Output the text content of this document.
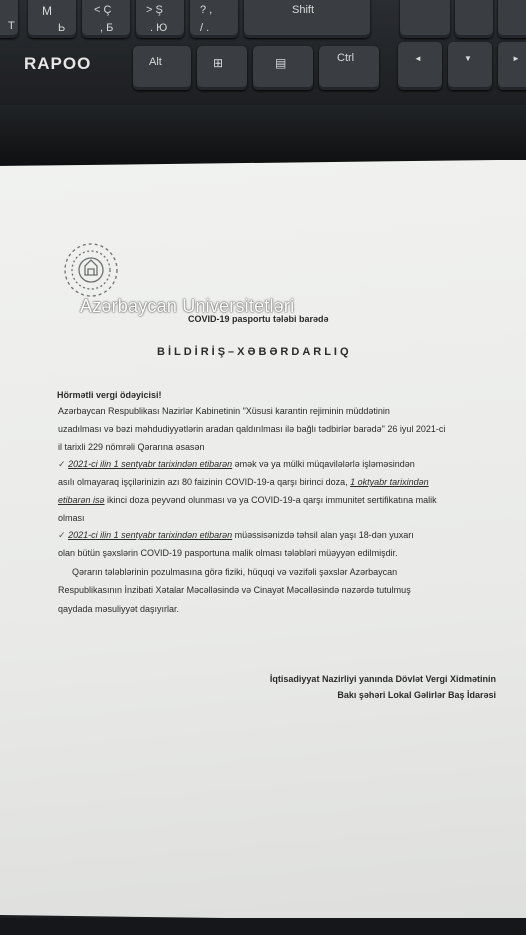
Т
М
Ь
< Ç
, Б
> Ş
. Ю
? ,
/ .
Shift
RAPOO	Alt	⊞	▤	Ctrl	◄	▼	►
Azərbaycan Universitetləri
COVID-19 pasportu tələbi barədə
BİLDİRİŞ–XƏBƏRDARLIQ
Hörmətli vergi ödəyicisi!
Azərbaycan Respublikası Nazirlər Kabinetinin "Xüsusi karantin rejiminin müddətinin
uzadılması və bəzi məhdudiyyətlərin aradan qaldırılması ilə bağlı tədbirlər barədə" 26 iyul 2021-ci
il tarixli 229 nömrəli Qərarına əsasən
✓ 2021-ci ilin 1 sentyabr tarixindən etibarən əmək və ya mülki müqavilələrlə işləməsindən
asılı olmayaraq işçilərinizin azı 80 faizinin COVID-19-a qarşı birinci doza, 1 oktyabr tarixindən
etibarən isə ikinci doza peyvənd olunması və ya COVID-19-a qarşı immunitet sertifikatına malik
olması
✓ 2021-ci ilin 1 sentyabr tarixindən etibarən müəssisənizdə təhsil alan yaşı 18-dən yuxarı
olan bütün şəxslərin COVID-19 pasportuna malik olması tələbləri müəyyən edilmişdir.
Qərarın tələblərinin pozulmasına görə fiziki, hüquqi və vəzifəli şəxslər Azərbaycan
Respublikasının İnzibati Xətalar Məcəlləsində və Cinayət Məcəlləsində nəzərdə tutulmuş
qaydada məsuliyyət daşıyırlar.
İqtisadiyyat Nazirliyi yanında Dövlət Vergi Xidmətinin
Bakı şəhəri Lokal Gəlirlər Baş İdarəsi
